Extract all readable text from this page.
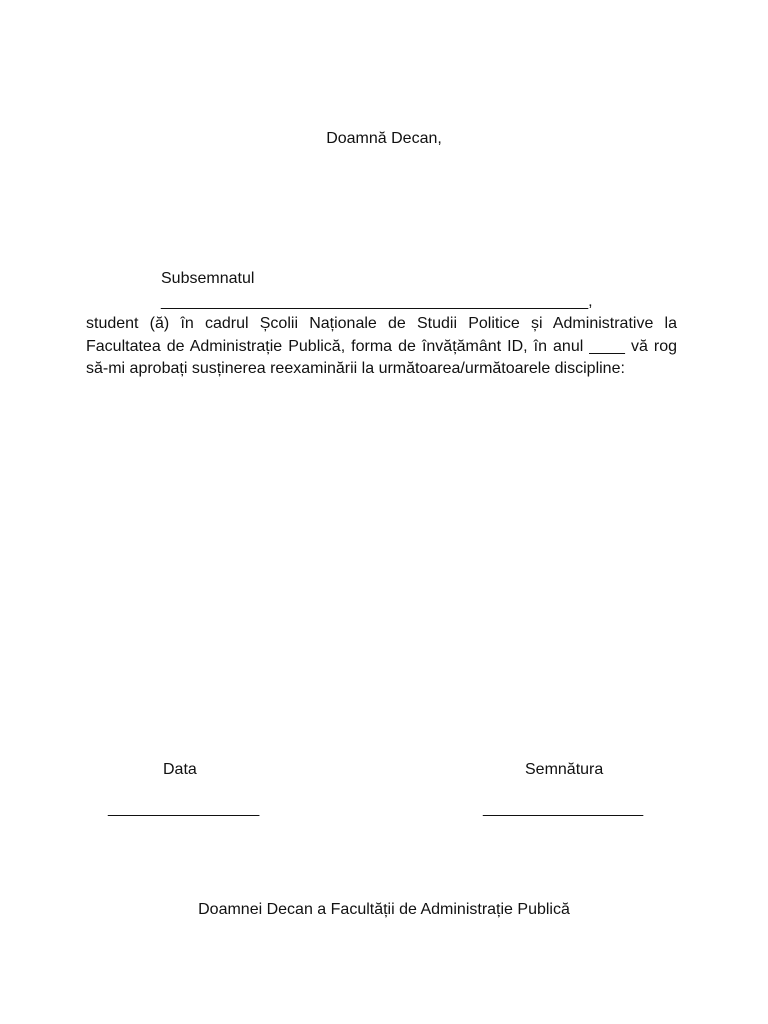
Doamnă Decan,
Subsemnatul ________________________________________________,
student (ă) în cadrul Școlii Naționale de Studii Politice și Administrative la
Facultatea de Administrație Publică, forma de învățământ ID, în anul ____ vă rog
să-mi aprobați susținerea reexaminării la următoarea/următoarele discipline:
Data	Semnătura
_________________	__________________
Doamnei Decan a Facultății de Administrație Publică
